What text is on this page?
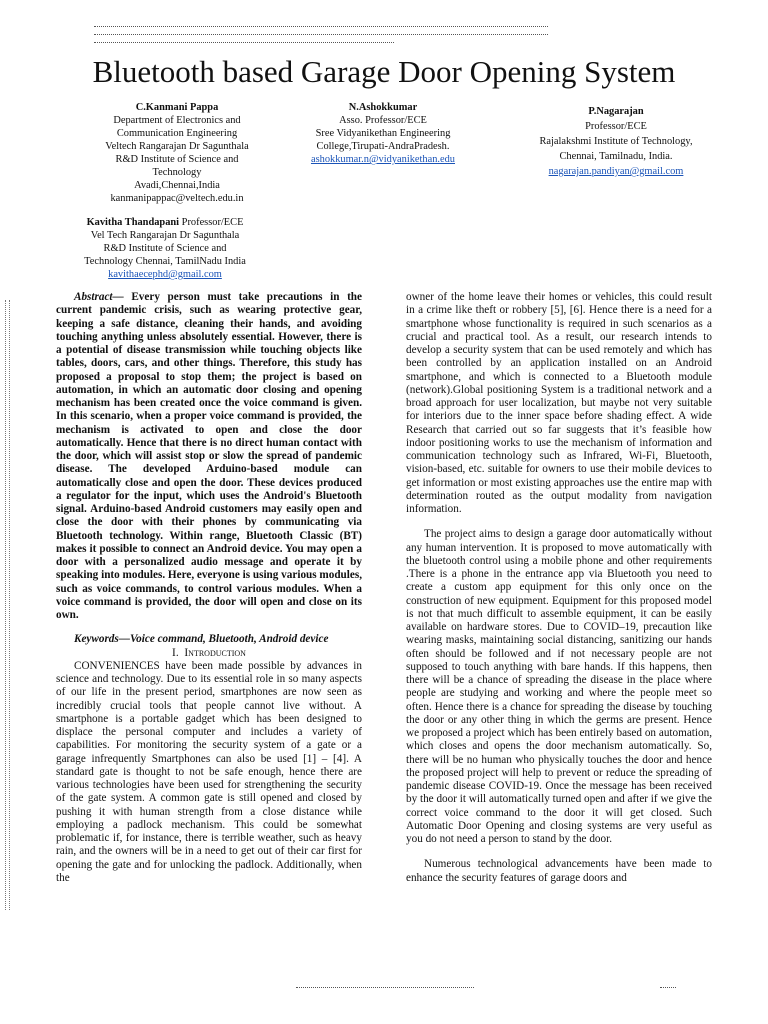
Bluetooth based Garage Door Opening System
C.Kanmani Pappa
Department of Electronics and
Communication Engineering
Veltech Rangarajan Dr Sagunthala
R&D Institute of Science and
Technology
Avadi,Chennai,India
kanmanipappac@veltech.edu.in
N.Ashokkumar
Asso. Professor/ECE
Sree Vidyanikethan Engineering
College,Tirupati-AndraPradesh.
ashokkumar.n@vidyanikethan.edu
P.Nagarajan
Professor/ECE
Rajalakshmi Institute of Technology,
Chennai, Tamilnadu, India.
nagarajan.pandiyan@gmail.com
Kavitha Thandapani Professor/ECE
Vel Tech Rangarajan Dr Sagunthala
R&D Institute of Science and
Technology Chennai, TamilNadu India
kavithaecephd@gmail.com

Abstract— Every person must take precautions in the current pandemic crisis, such as wearing protective gear, keeping a safe distance, cleaning their hands, and avoiding touching anything unless absolutely essential. However, there is a potential of disease transmission while touching objects like tables, doors, cars, and other things. Therefore, this study has proposed a proposal to stop them; the project is based on automation, in which an automatic door closing and opening mechanism has been created once the voice command is given. In this scenario, when a proper voice command is provided, the mechanism is activated to open and close the door automatically. Hence that there is no direct human contact with the door, which will assist stop or slow the spread of pandemic disease. The developed Arduino-based module can automatically close and open the door. These devices produced a regulator for the input, which uses the Android's Bluetooth signal. Arduino-based Android customers may easily open and close the door with their phones by communicating via Bluetooth technology. Within range, Bluetooth Classic (BT) makes it possible to connect an Android device. You may open a door with a personalized audio message and operate it by speaking into modules. Here, everyone is using various modules, such as voice commands, to control various modules. When a voice command is provided, the door will open and close on its own.

Keywords—Voice command, Bluetooth, Android device

I. Introduction

CONVENIENCES have been made possible by advances in science and technology. Due to its essential role in so many aspects of our life in the present period, smartphones are now seen as incredibly crucial tools that people cannot live without. A smartphone is a portable gadget which has been designed to displace the personal computer and includes a variety of capabilities. For monitoring the security system of a gate or a garage infrequently Smartphones can also be used [1] – [4]. A standard gate is thought to not be safe enough, hence there are various technologies have been used for strengthening the security of the gate system. A common gate is still opened and closed by pushing it with human strength from a close distance while employing a padlock mechanism. This could be somewhat problematic if, for instance, there is terrible weather, such as heavy rain, and the owners will be in a need to get out of their car first for opening the gate and for unlocking the padlock. Additionally, when the

owner of the home leave their homes or vehicles, this could result in a crime like theft or robbery [5], [6]. Hence there is a need for a smartphone whose functionality is required in such scenarios as a crucial and practical tool. As a result, our research intends to develop a security system that can be used remotely and which has been controlled by an application installed on an Android smartphone, and which is connected to a Bluetooth module (network).Global positioning System is a traditional network and a broad approach for user localization, but maybe not very suitable for interiors due to the inner space before shading effect. A wide Research that carried out so far suggests that it’s feasible how indoor positioning works to use the mechanism of information and communication technology such as Infrared, Wi-Fi, Bluetooth, vision-based, etc. suitable for owners to use their mobile devices to get information or most existing approaches use the entire map with determination routed as the output modality from navigation information.

The project aims to design a garage door automatically without any human intervention. It is proposed to move automatically with the bluetooth control using a mobile phone and other requirements .There is a phone in the entrance app via Bluetooth you need to create a custom app equipment for this only once on the construction of new equipment. Equipment for this proposed model is not that much difficult to assemble equipment, it can be easily available on hardware stores. Due to COVID–19, precaution like wearing masks, maintaining social distancing, sanitizing our hands often should be followed and if not necessary people are not supposed to touch anything with bare hands. If this happens, then there will be a chance of spreading the disease in the place where people are studying and working and where the people meet so often. Hence there is a chance for spreading the disease by touching the door or any other thing in which the germs are present. Hence we proposed a project which has been entirely based on automation, which closes and opens the door mechanism automatically. So, there will be no human who physically touches the door and hence the proposed project will help to prevent or reduce the spreading of pandemic disease COVID-19. Once the message has been received by the door it will automatically turned open and after if we give the correct voice command to the door it will get closed. Such Automatic Door Opening and closing systems are very useful as you do not need a person to stand by the door.

Numerous technological advancements have been made to enhance the security features of garage doors and
